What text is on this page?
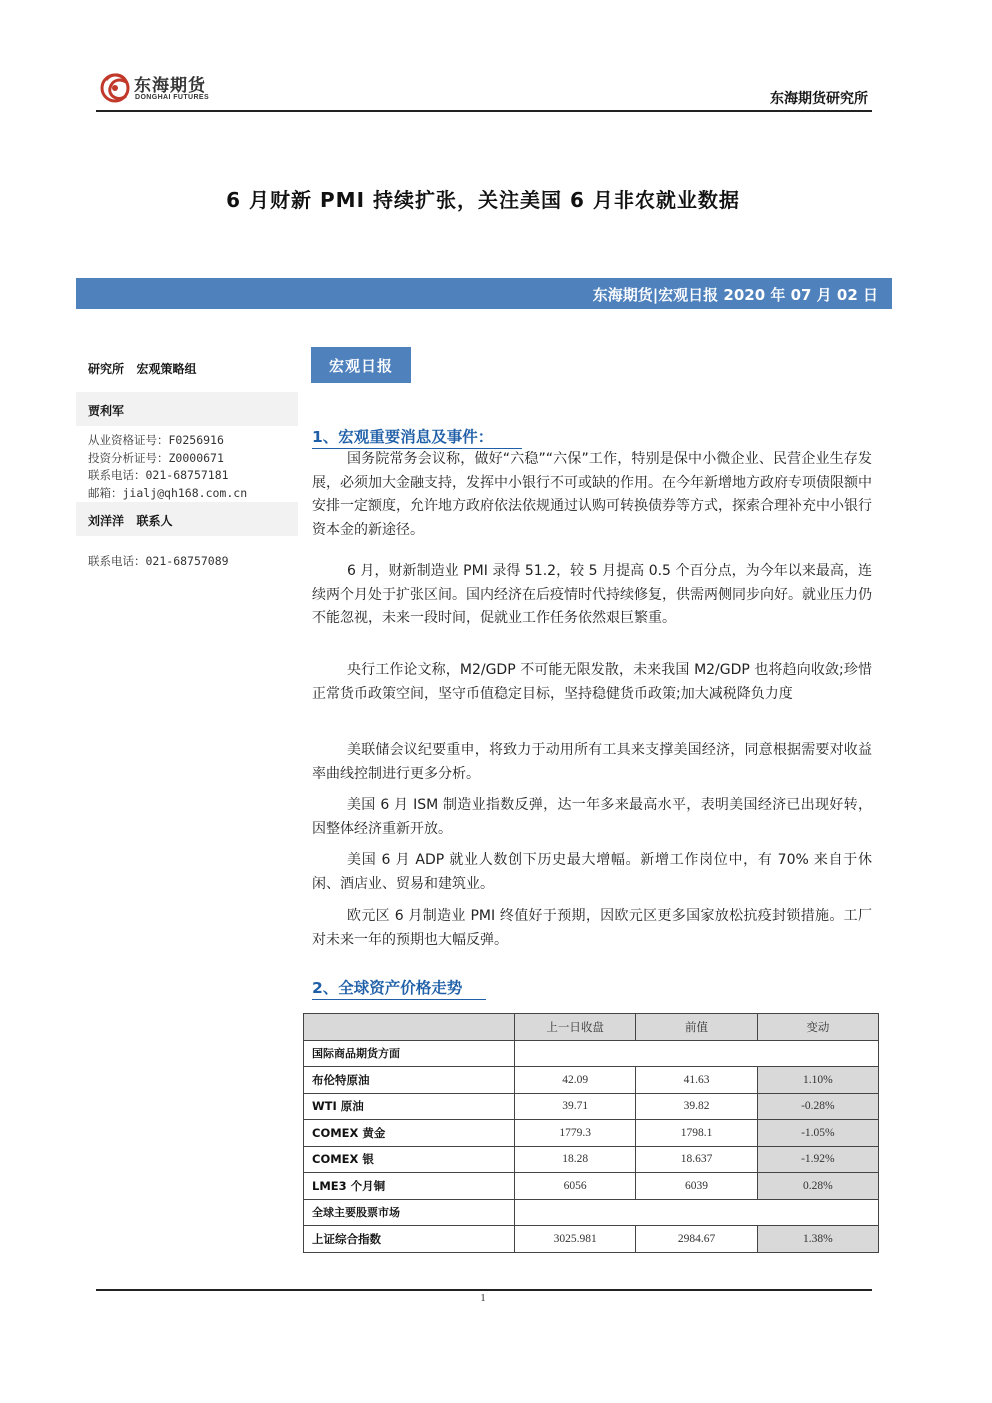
东海期货
DONGHAI FUTURES	东海期货研究所
6 月财新 PMI 持续扩张，关注美国 6 月非农就业数据
东海期货|宏观日报 2020 年 07 月 02 日
研究所   宏观策略组
贾利军
从业资格证号：F0256916
投资分析证号：Z0000671
联系电话：021-68757181
邮箱：jialj@qh168.com.cn
刘洋洋   联系人
联系电话：021-68757089
宏观日报
1、宏观重要消息及事件：

国务院常务会议称，做好“六稳”“六保”工作，特别是保中小微企业、民营企业生存发展，必须加大金融支持，发挥中小银行不可或缺的作用。在今年新增地方政府专项债限额中安排一定额度，允许地方政府依法依规通过认购可转换债券等方式，探索合理补充中小银行资本金的新途径。

6 月，财新制造业 PMI 录得 51.2，较 5 月提高 0.5 个百分点，为今年以来最高，连续两个月处于扩张区间。国内经济在后疫情时代持续修复，供需两侧同步向好。就业压力仍不能忽视，未来一段时间，促就业工作任务依然艰巨繁重。

央行工作论文称，M2/GDP 不可能无限发散，未来我国 M2/GDP 也将趋向收敛;珍惜正常货币政策空间，坚守币值稳定目标，坚持稳健货币政策;加大减税降负力度

美联储会议纪要重申，将致力于动用所有工具来支撑美国经济，同意根据需要对收益率曲线控制进行更多分析。

美国 6 月 ISM 制造业指数反弹，达一年多来最高水平，表明美国经济已出现好转，因整体经济重新开放。

美国 6 月 ADP 就业人数创下历史最大增幅。新增工作岗位中，有 70% 来自于休闲、酒店业、贸易和建筑业。

欧元区 6 月制造业 PMI 终值好于预期，因欧元区更多国家放松抗疫封锁措施。工厂对未来一年的预期也大幅反弹。

2、全球资产价格走势
	上一日收盘	前值	变动
国际商品期货方面			
布伦特原油	42.09	41.63	1.10%
WTI 原油	39.71	39.82	-0.28%
COMEX 黄金	1779.3	1798.1	-1.05%
COMEX 银	18.28	18.637	-1.92%
LME3 个月铜	6056	6039	0.28%
全球主要股票市场			
上证综合指数	3025.981	2984.67	1.38%
1
